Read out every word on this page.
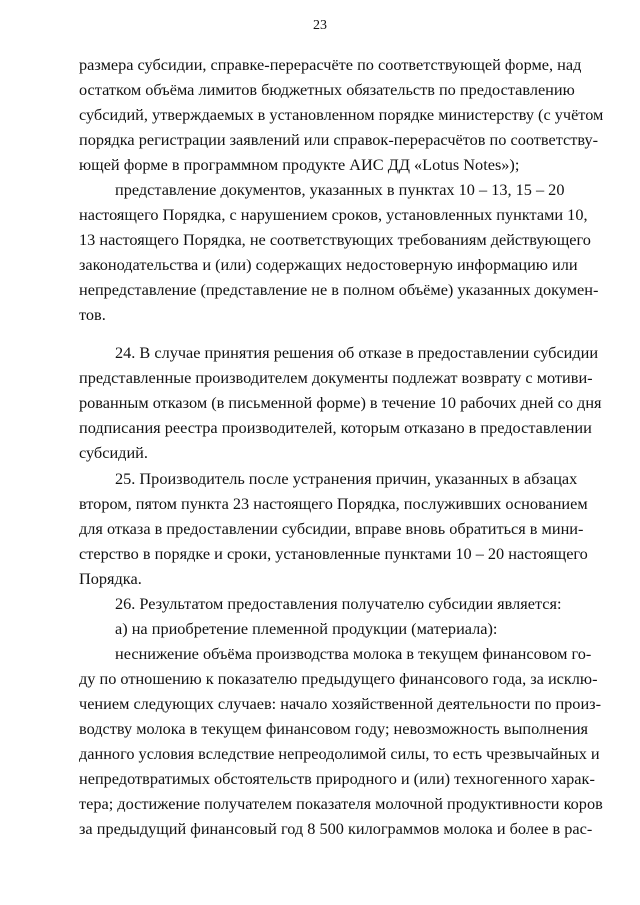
23
размера субсидии, справке-перерасчёте по соответствующей форме, над
остатком объёма лимитов бюджетных обязательств по предоставлению
субсидий, утверждаемых в установленном порядке министерству (с учётом
порядка регистрации заявлений или справок-перерасчётов по соответству-
ющей форме в программном продукте АИС ДД «Lotus Notes»);
представление документов, указанных в пунктах 10 – 13, 15 – 20
настоящего Порядка, с нарушением сроков, установленных пунктами 10,
13 настоящего Порядка, не соответствующих требованиям действующего
законодательства и (или) содержащих недостоверную информацию или
непредставление (представление не в полном объёме) указанных докумен-
тов.
24. В случае принятия решения об отказе в предоставлении субсидии
представленные производителем документы подлежат возврату с мотиви-
рованным отказом (в письменной форме) в течение 10 рабочих дней со дня
подписания реестра производителей, которым отказано в предоставлении
субсидий.
25. Производитель после устранения причин, указанных в абзацах
втором, пятом пункта 23 настоящего Порядка, послуживших основанием
для отказа в предоставлении субсидии, вправе вновь обратиться в мини-
стерство в порядке и сроки, установленные пунктами 10 – 20 настоящего
Порядка.
26. Результатом предоставления получателю субсидии является:
а) на приобретение племенной продукции (материала):
неснижение объёма производства молока в текущем финансовом го-
ду по отношению к показателю предыдущего финансового года, за исклю-
чением следующих случаев: начало хозяйственной деятельности по произ-
водству молока в текущем финансовом году; невозможность выполнения
данного условия вследствие непреодолимой силы, то есть чрезвычайных и
непредотвратимых обстоятельств природного и (или) техногенного харак-
тера; достижение получателем показателя молочной продуктивности коров
за предыдущий финансовый год 8 500 килограммов молока и более в рас-
